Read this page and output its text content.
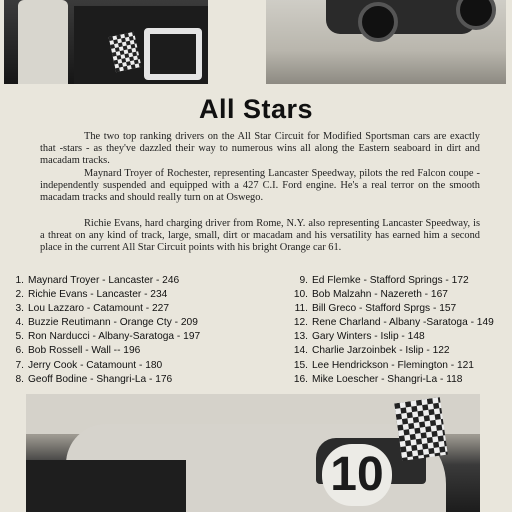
All Stars

The two top ranking drivers on the All Star Circuit for Modified Sportsman cars are exactly that -stars - as they've dazzled their way to numerous wins all along the Eastern seaboard in dirt and macadam tracks.

Maynard Troyer of Rochester, representing Lancaster Speedway, pilots the red Falcon coupe - independently suspended and equipped with a 427 C.I. Ford engine. He's a real terror on the smooth macadam tracks and should really turn on at Oswego.

Richie Evans, hard charging driver from Rome, N.Y. also representing Lancaster Speedway, is a threat on any kind of track, large, small, dirt or macadam and his versatility has earned him a second place in the current All Star Circuit points with his bright Orange car 61.

1. Maynard Troyer - Lancaster - 246
2. Richie Evans - Lancaster - 234
3. Lou Lazzaro - Catamount - 227
4. Buzzie Reutimann - Orange Cty - 209
5. Ron Narducci - Albany-Saratoga - 197
6. Bob Rossell - Wall -- 196
7. Jerry Cook - Catamount - 180
8. Geoff Bodine - Shangri-La - 176
9. Ed Flemke - Stafford Springs - 172
10. Bob Malzahn - Nazereth - 167
11. Bill Greco - Stafford Sprgs - 157
12. Rene Charland - Albany -Saratoga - 149
13. Gary Winters - Islip - 148
14. Charlie Jarzoinbek - Islip - 122
15. Lee Hendrickson - Flemington - 121
16. Mike Loescher - Shangri-La - 118
10
